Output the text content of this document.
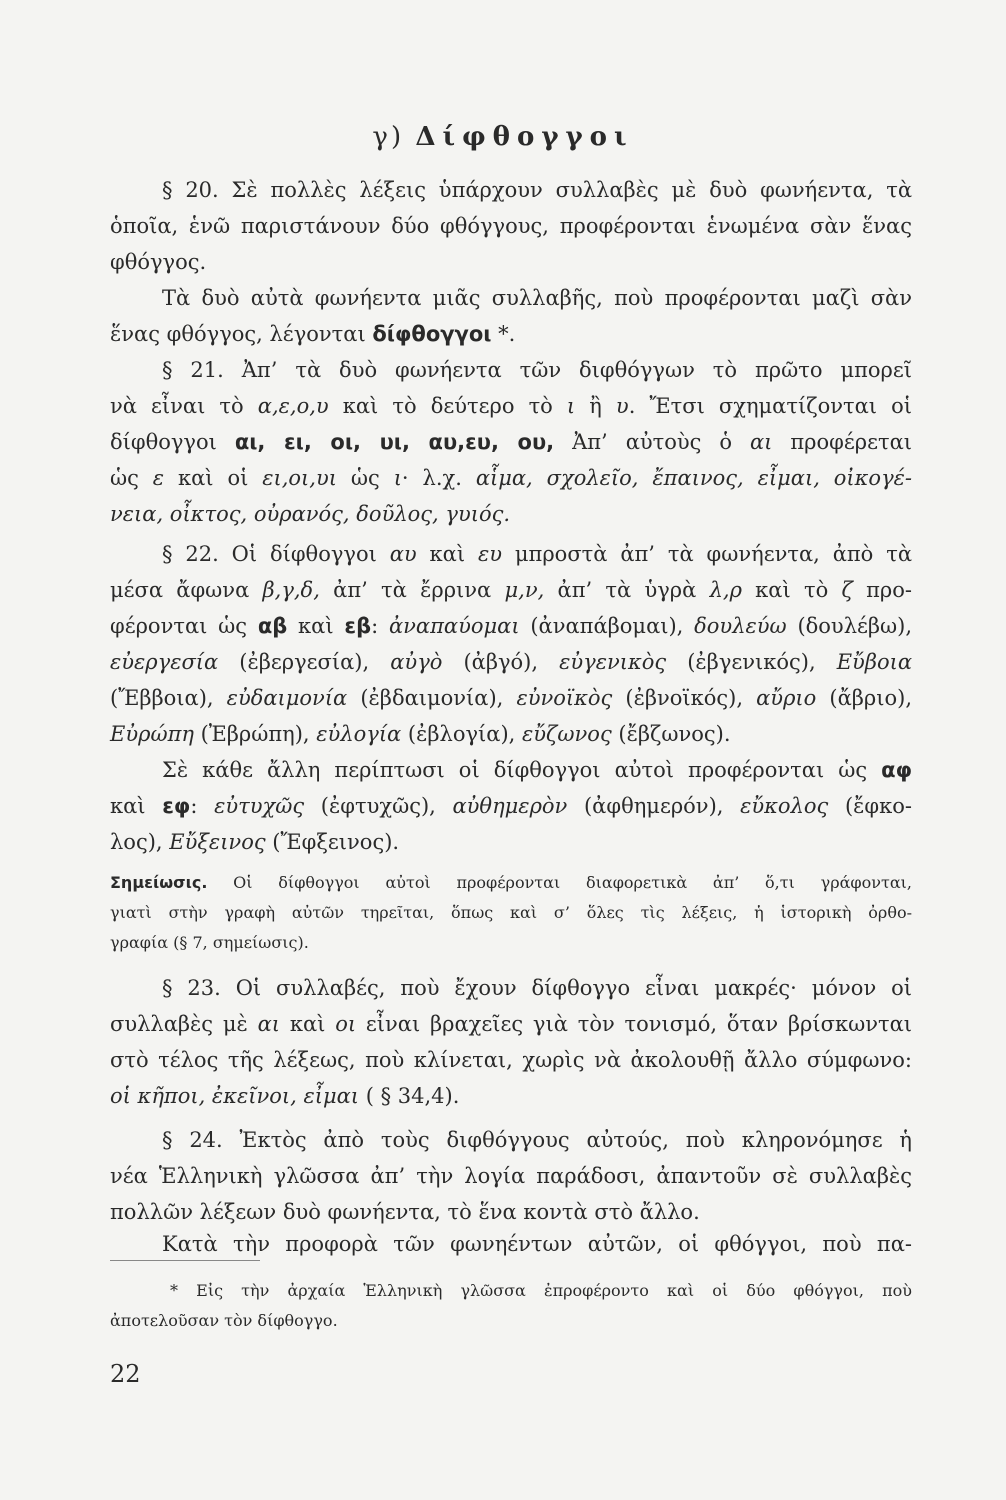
γ) Δίφθογγοι
§ 20. Σὲ πολλὲς λέξεις ὑπάρχουν συλλαβὲς μὲ δυὸ φωνήεντα, τὰ
ὁποῖα, ἑνῶ παριστάνουν δύο φθόγγους, προφέρονται ἑνωμένα σὰν ἕνας
φθόγγος.
Τὰ δυὸ αὐτὰ φωνήεντα μιᾶς συλλαβῆς, ποὺ προφέρονται μαζὶ σὰν
ἕνας φθόγγος, λέγονται δίφθογγοι *.
§ 21. Ἀπ’ τὰ δυὸ φωνήεντα τῶν διφθόγγων τὸ πρῶτο μπορεῖ
νὰ εἶναι τὸ α,ε,ο,υ καὶ τὸ δεύτερο τὸ ι ἢ υ. Ἔτσι σχηματίζονται οἱ
δίφθογγοι αι, ει, οι, υι, αυ,ευ, ου, Ἀπ’ αὐτοὺς ὁ αι προφέρεται
ὡς ε καὶ οἱ ει,οι,υι ὡς ι· λ.χ. αἷμα, σχολεῖο, ἔπαινος, εἶμαι, οἰκογέ-
νεια, οἶκτος, οὐρανός, δοῦλος, γυιός.
§ 22. Οἱ δίφθογγοι αυ καὶ ευ μπροστὰ ἀπ’ τὰ φωνήεντα, ἀπὸ τὰ
μέσα ἄφωνα β,γ,δ, ἀπ’ τὰ ἔρρινα μ,ν, ἀπ’ τὰ ὑγρὰ λ,ρ καὶ τὸ ζ προ-
φέρονται ὡς αβ καὶ εβ: ἀναπαύομαι (ἀναπάβομαι), δουλεύω (δουλέβω),
εὐεργεσία (ἐβεργεσία), αὐγὸ (ἀβγό), εὐγενικὸς (ἐβγενικός), Εὔβοια
(Ἔββοια), εὐδαιμονία (ἐβδαιμονία), εὐνοϊκὸς (ἐβνοϊκός), αὔριο (ἄβριο),
Εὐρώπη (Ἐβρώπη), εὐλογία (ἐβλογία), εὔζωνος (ἔβζωνος).
Σὲ κάθε ἄλλη περίπτωσι οἱ δίφθογγοι αὐτοὶ προφέρονται ὡς αφ
καὶ εφ: εὐτυχῶς (ἐφτυχῶς), αὐθημερὸν (ἀφθημερόν), εὔκολος (ἔφκο-
λος), Εὔξεινος (Ἔφξεινος).
Σημείωσις. Οἱ δίφθογγοι αὐτοὶ προφέρονται διαφορετικὰ ἀπ’ ὅ,τι γράφονται,
γιατὶ στὴν γραφὴ αὐτῶν τηρεῖται, ὅπως καὶ σ’ ὅλες τὶς λέξεις, ἡ ἱστορικὴ ὀρθο-
γραφία (§ 7, σημείωσις).
§ 23. Οἱ συλλαβές, ποὺ ἔχουν δίφθογγο εἶναι μακρές· μόνον οἱ
συλλαβὲς μὲ αι καὶ οι εἶναι βραχεῖες γιὰ τὸν τονισμό, ὅταν βρίσκωνται
στὸ τέλος τῆς λέξεως, ποὺ κλίνεται, χωρὶς νὰ ἀκολουθῇ ἄλλο σύμφωνο:
οἱ κῆποι, ἐκεῖνοι, εἶμαι ( § 34,4).
§ 24. Ἐκτὸς ἀπὸ τοὺς διφθόγγους αὐτούς, ποὺ κληρονόμησε ἡ
νέα Ἑλληνικὴ γλῶσσα ἀπ’ τὴν λογία παράδοσι, ἀπαντοῦν σὲ συλλαβὲς
πολλῶν λέξεων δυὸ φωνήεντα, τὸ ἕνα κοντὰ στὸ ἄλλο.
Κατὰ τὴν προφορὰ τῶν φωνηέντων αὐτῶν, οἱ φθόγγοι, ποὺ πα-
* Εἰς τὴν ἀρχαία Ἑλληνικὴ γλῶσσα ἐπροφέροντο καὶ οἱ δύο φθόγγοι, ποὺ
ἀποτελοῦσαν τὸν δίφθογγο.
22
